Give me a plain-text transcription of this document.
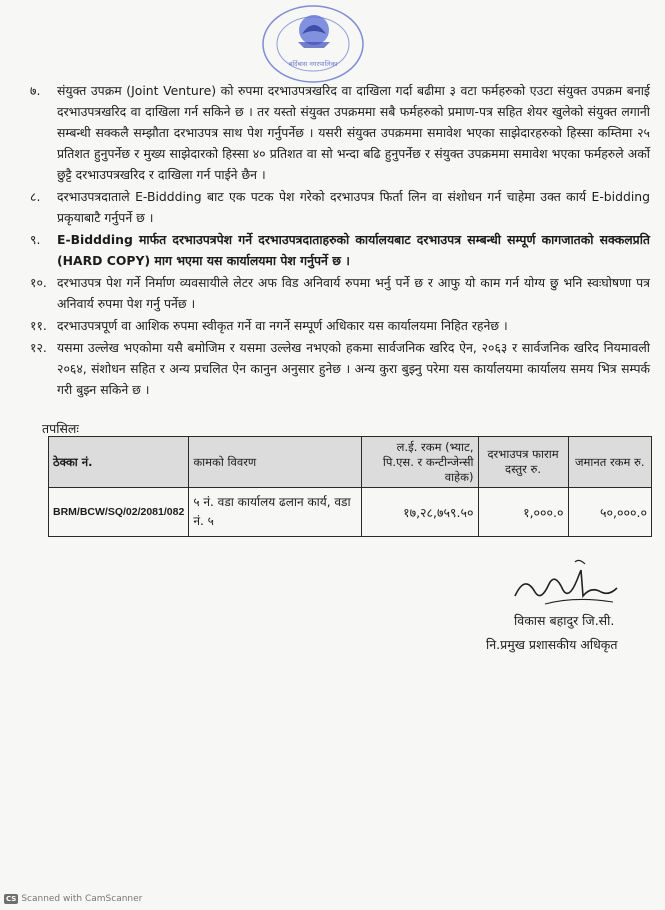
बर्दिबास नगरपालिका
७.	संयुक्त उपक्रम (Joint Venture) को रुपमा दरभाउपत्रखरिद वा दाखिला गर्दा बढीमा ३ वटा फर्महरुको एउटा संयुक्त उपक्रम बनाई दरभाउपत्रखरिद वा दाखिला गर्न सकिने छ । तर यस्तो संयुक्त उपक्रममा सबै फर्महरुको प्रमाण-पत्र सहित शेयर खुलेको संयुक्त लगानी सम्बन्धी सक्कलै सम्झौता दरभाउपत्र साथ पेश गर्नुपर्नेछ । यसरी संयुक्त उपक्रममा समावेश भएका साझेदारहरुको हिस्सा कम्तिमा २५ प्रतिशत हुनुपर्नेछ र मुख्य साझेदारको हिस्सा ४० प्रतिशत वा सो भन्दा बढि हुनुपर्नेछ र संयुक्त उपक्रममा समावेश भएका फर्महरुले अर्को छुट्टै दरभाउपत्रखरिद र दाखिला गर्न पाईने छैन ।
८.	दरभाउपत्रदाताले E-Biddding बाट एक पटक पेश गरेको दरभाउपत्र फिर्ता लिन वा संशोधन गर्न चाहेमा उक्त कार्य E-bidding प्रकृयाबाटै गर्नुपर्ने छ ।
९.	E-Biddding मार्फत दरभाउपत्रपेश गर्ने दरभाउपत्रदाताहरुको कार्यालयबाट दरभाउपत्र सम्बन्धी सम्पूर्ण कागजातको सक्कलप्रति (HARD COPY) माग भएमा यस कार्यालयमा पेश गर्नुपर्ने छ ।
१०. दरभाउपत्र पेश गर्ने निर्माण व्यवसायीले लेटर अफ विड अनिवार्य रुपमा भर्नु पर्ने छ र आफु यो काम गर्न योग्य छु भनि स्वःघोषणा पत्र अनिवार्य रुपमा पेश गर्नु पर्नेछ ।
११. दरभाउपत्रपूर्ण वा आशिक रुपमा स्वीकृत गर्ने वा नगर्ने सम्पूर्ण अधिकार यस कार्यालयमा निहित रहनेछ ।
१२. यसमा उल्लेख भएकोमा यसै बमोजिम र यसमा उल्लेख नभएको हकमा सार्वजनिक खरिद ऐन, २०६३ र सार्वजनिक खरिद नियमावली २०६४, संशोधन सहित र अन्य प्रचलित ऐन कानुन अनुसार हुनेछ । अन्य कुरा बुझ्नु परेमा यस कार्यालयमा कार्यालय समय भित्र सम्पर्क गरी बुझ्न सकिने छ ।
तपसिलः
ठेक्का नं.	कामको विवरण	ल.ई. रकम (भ्याट, पि.एस. र कन्टीन्जेन्सी वाहेक)	दरभाउपत्र फाराम दस्तुर रु.	जमानत रकम रु.
BRM/BCW/SQ/02/2081/082	५ नं. वडा कार्यालय ढलान कार्य, वडा नं. ५	१७,२८,७५९.५०	१,०००.०	५०,०००.०
विकास बहादुर जि.सी.
नि.प्रमुख प्रशासकीय अधिकृत
CS Scanned with CamScanner
